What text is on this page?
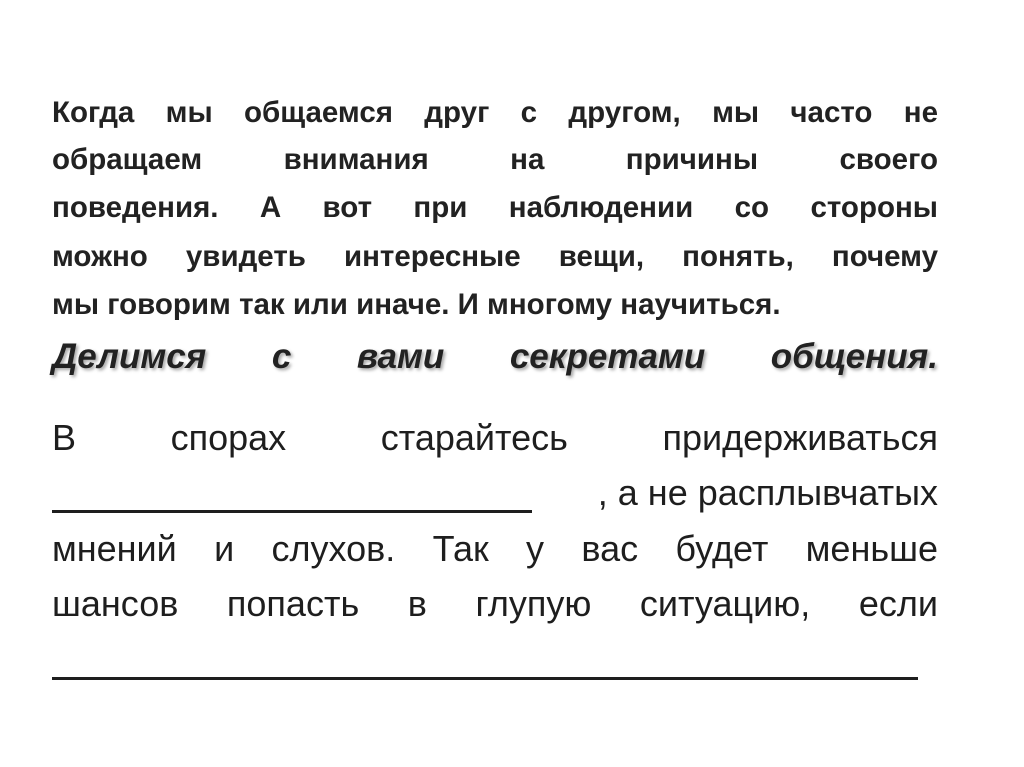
Когда мы общаемся друг с другом, мы часто не
обращаем внимания на причины своего
поведения. А вот при наблюдении со стороны
можно увидеть интересные вещи, понять, почему
мы говорим так или иначе. И многому научиться.
Делимся с вами секретами общения.
В спорах старайтесь придерживаться
, а не расплывчатых
мнений и слухов. Так у вас будет меньше
шансов попасть в глупую ситуацию, если
